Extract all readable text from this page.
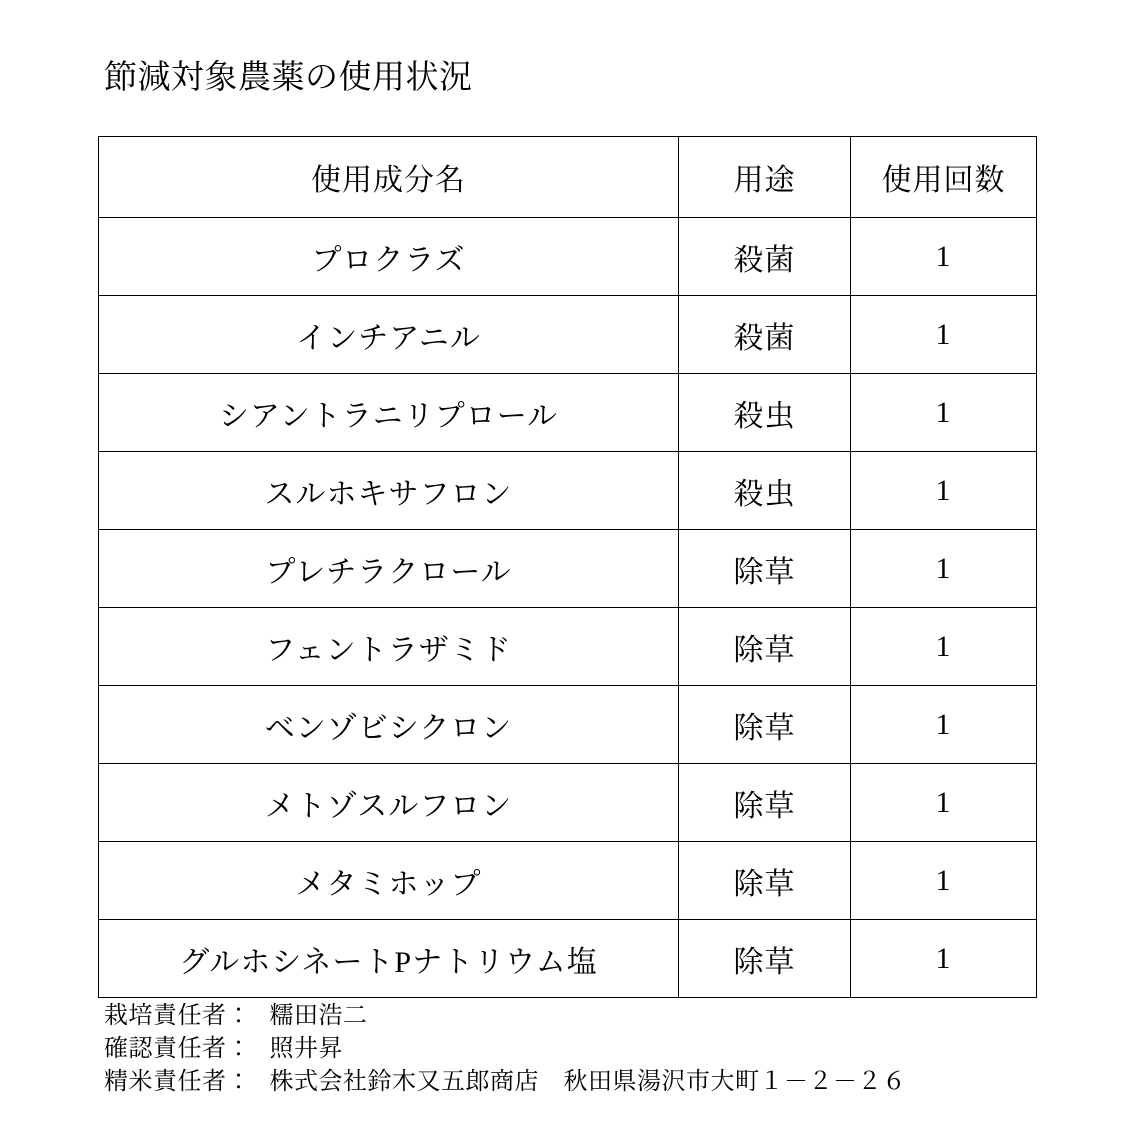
節減対象農薬の使用状況
使用成分名	用途	使用回数
プロクラズ	殺菌	1
インチアニル	殺菌	1
シアントラニリプロール	殺虫	1
スルホキサフロン	殺虫	1
プレチラクロール	除草	1
フェントラザミド	除草	1
ベンゾビシクロン	除草	1
メトゾスルフロン	除草	1
メタミホップ	除草	1
グルホシネートPナトリウム塩	除草	1
栽培責任者： 糯田浩二
確認責任者： 照井昇
精米責任者： 株式会社鈴木又五郎商店　秋田県湯沢市大町１－２－２６
